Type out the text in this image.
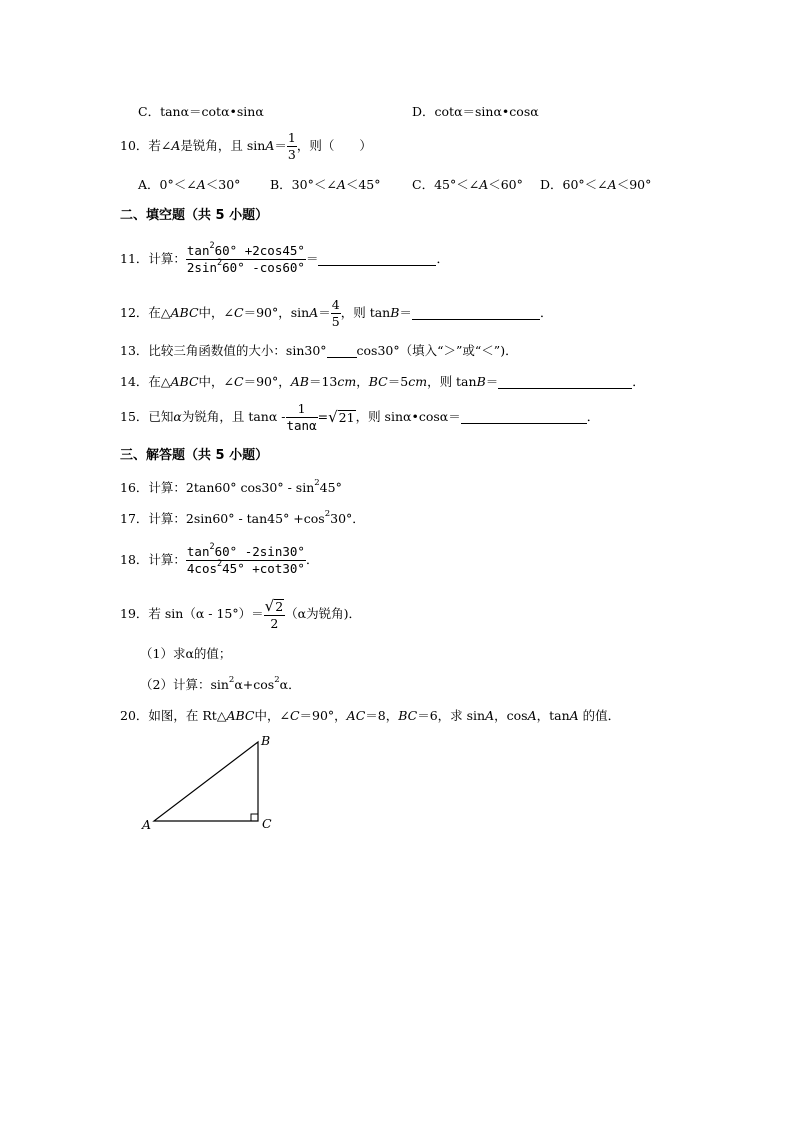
C．tanα＝cotα•sinα	D．cotα＝sinα•cosα
10．若∠A是锐角，且 $\sin A= \frac{1}{3}$ ，则（　　）
A．0°＜∠A＜30° B．30°＜∠A＜45°	C．45°＜∠A＜60° D．60°＜∠A＜90°
二、填空题（共 5 小题）
11．计算： $\frac{\tan^260^\circ +2\cos 45^\circ}{2\sin^260^\circ -\cos 60^\circ}$ ＝	．
12．在△ABC中，∠C＝90°，$\sin A= \frac{4}{5}$ ，则 tanB＝	．
13．比较三角函数值的大小：sin30° cos30°（填入“＞”或“＜”)．
14．在△ABC中，∠C＝90°，AB＝13cm，BC＝5cm，则 tanB＝	．
15．已知α为锐角，且 $\tan\alpha - \frac{1}{\tan\alpha} =√21$，则 sinα•cosα＝	．
三、解答题（共 5 小题）
16．计算：2tan60° $\cos 30^\circ - \sin^245^\circ$
17．计算：$2\sin 60^\circ - \tan 45^\circ +\cos^230^\circ$．
18．计算： $\frac{\tan^260^\circ -2\sin 30^\circ}{4\cos^245^\circ +\cot 30^\circ}$ ．
19．若 $\sin(\alpha - 15^\circ)= \frac{√2}{2} (\alpha$为锐角)．
（1）求α的值；
（2）计算：$\sin^2\alpha+\cos^2\alpha$．
20．如图，在 Rt△ABC中，∠C＝90°，AC＝8，BC＝6，求 sinA，cosA，tanA 的值．
A
B
C
